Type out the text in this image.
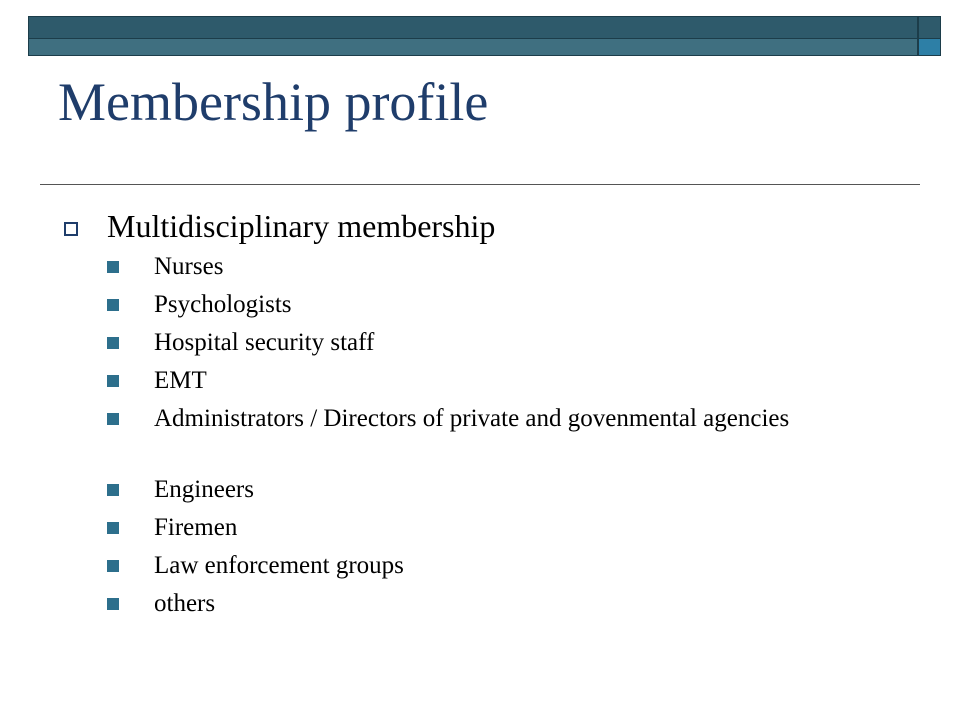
Membership profile
Multidisciplinary membership
Nurses
Psychologists
Hospital security staff
EMT
Administrators / Directors of private and govenmental agencies
Engineers
Firemen
Law enforcement groups
others
